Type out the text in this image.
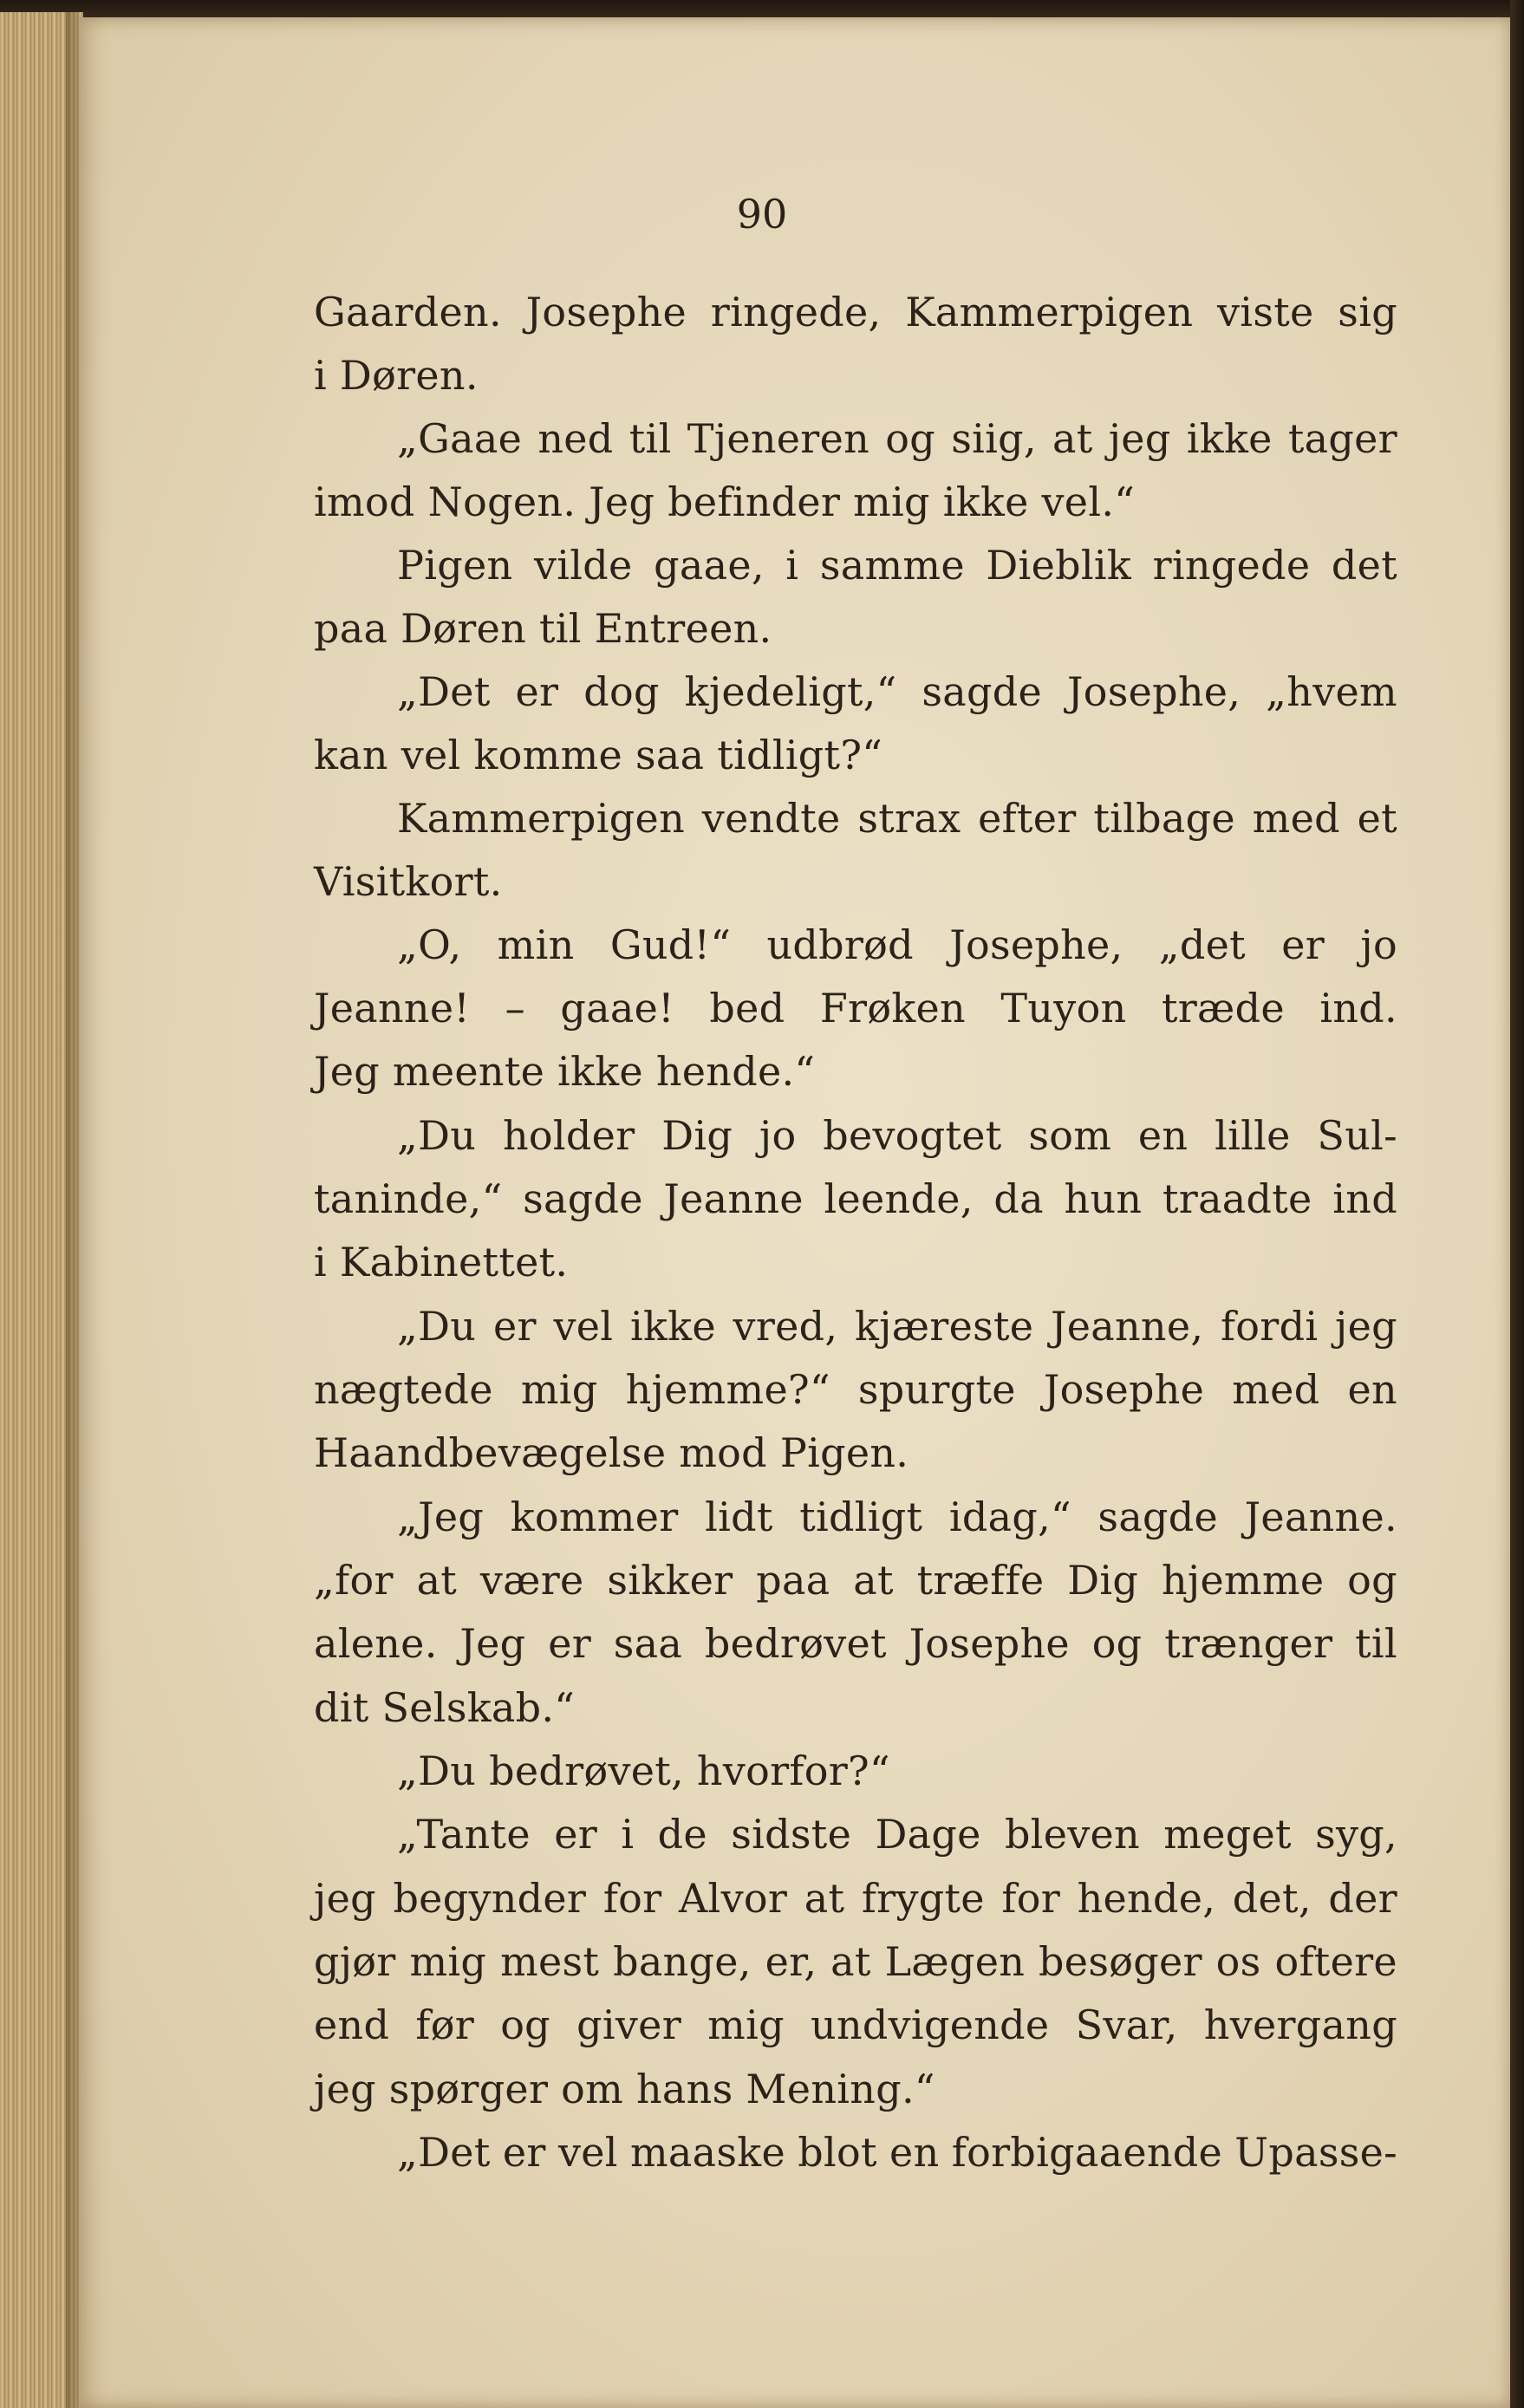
90

Gaarden. Josephe ringede, Kammerpigen viste sig

i Døren.

„Gaae ned til Tjeneren og siig, at jeg ikke tager

imod Nogen. Jeg befinder mig ikke vel.“

Pigen vilde gaae, i samme Dieblik ringede det

paa Døren til Entreen.

„Det er dog kjedeligt,“ sagde Josephe, „hvem

kan vel komme saa tidligt?“

Kammerpigen vendte strax efter tilbage med et

Visitkort.

„O, min Gud!“ udbrød Josephe, „det er jo

Jeanne! – gaae! bed Frøken Tuyon træde ind.

Jeg meente ikke hende.“

„Du holder Dig jo bevogtet som en lille Sul-

taninde,“ sagde Jeanne leende, da hun traadte ind

i Kabinettet.

„Du er vel ikke vred, kjæreste Jeanne, fordi jeg

nægtede mig hjemme?“ spurgte Josephe med en

Haandbevægelse mod Pigen.

„Jeg kommer lidt tidligt idag,“ sagde Jeanne.

„for at være sikker paa at træffe Dig hjemme og

alene. Jeg er saa bedrøvet Josephe og trænger til

dit Selskab.“

„Du bedrøvet, hvorfor?“

„Tante er i de sidste Dage bleven meget syg,

jeg begynder for Alvor at frygte for hende, det, der

gjør mig mest bange, er, at Lægen besøger os oftere

end før og giver mig undvigende Svar, hvergang

jeg spørger om hans Mening.“

„Det er vel maaske blot en forbigaaende Upasse-
